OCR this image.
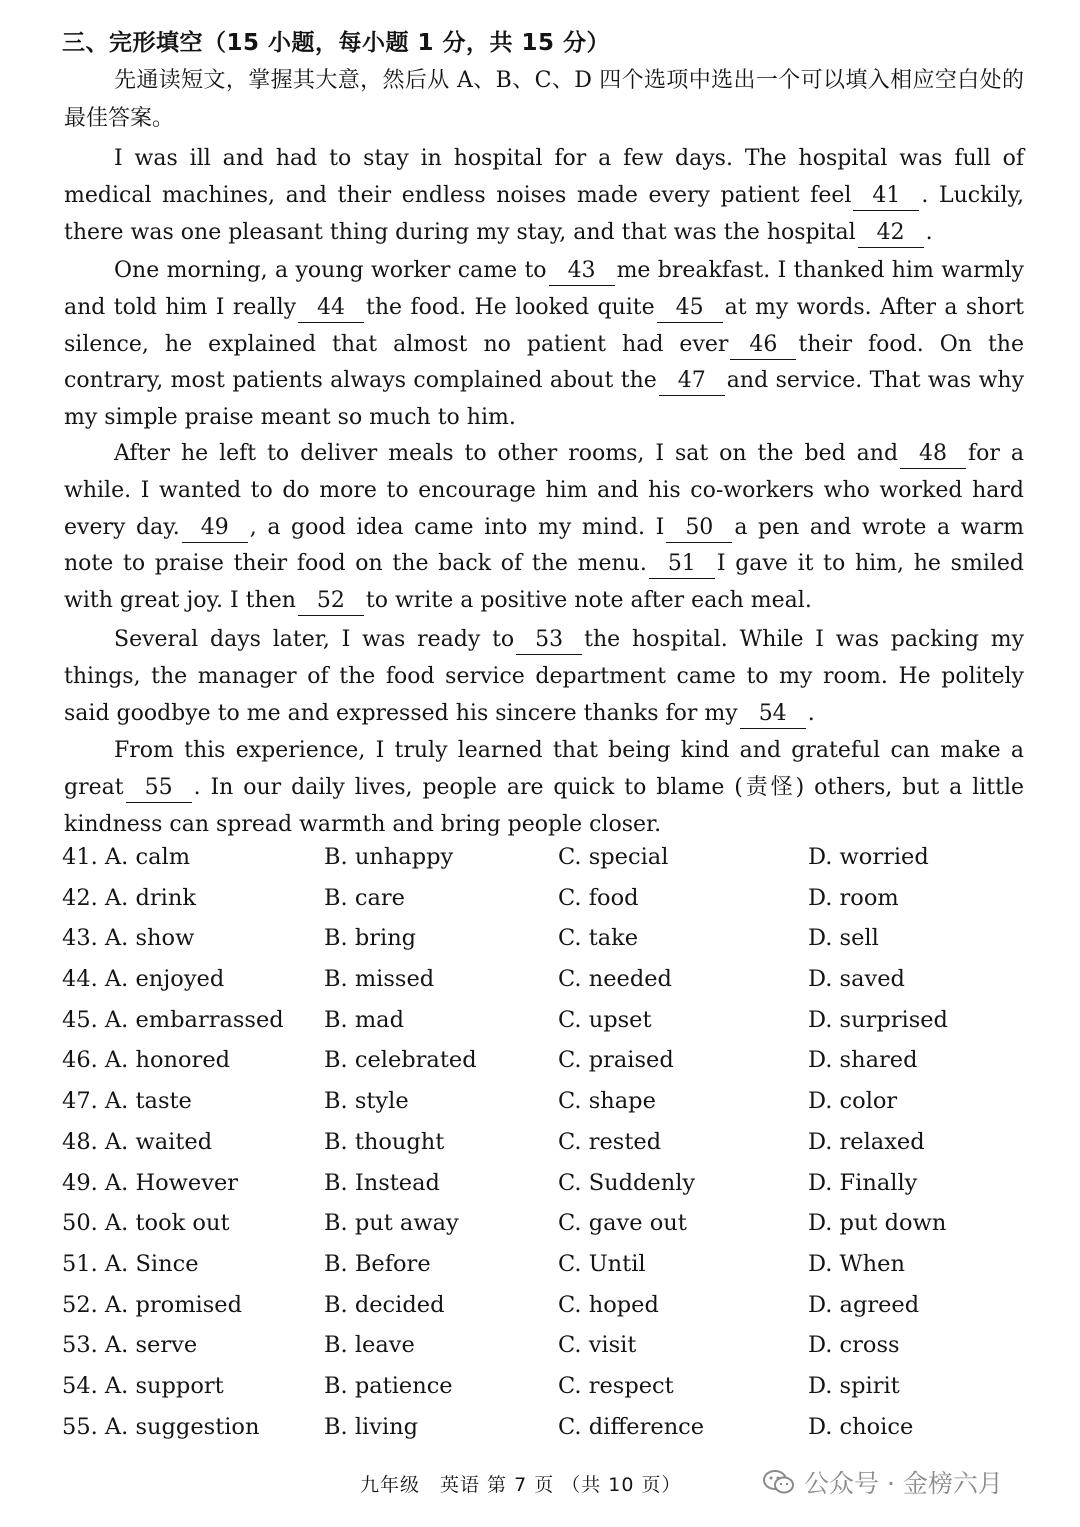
三、完形填空（15 小题，每小题 1 分，共 15 分）
先通读短文，掌握其大意，然后从 A、B、C、D 四个选项中选出一个可以填入相应空白处的最佳答案。
I was ill and had to stay in hospital for a few days. The hospital was full of medical machines, and their endless noises made every patient feel 41 . Luckily, there was one pleasant thing during my stay, and that was the hospital 42 .
One morning, a young worker came to 43 me breakfast. I thanked him warmly and told him I really 44 the food. He looked quite 45 at my words. After a short silence, he explained that almost no patient had ever 46 their food. On the contrary, most patients always complained about the 47 and service. That was why my simple praise meant so much to him.
After he left to deliver meals to other rooms, I sat on the bed and 48 for a while. I wanted to do more to encourage him and his co-workers who worked hard every day. 49 , a good idea came into my mind. I 50 a pen and wrote a warm note to praise their food on the back of the menu. 51 I gave it to him, he smiled with great joy. I then 52 to write a positive note after each meal.
Several days later, I was ready to 53 the hospital. While I was packing my things, the manager of the food service department came to my room. He politely said goodbye to me and expressed his sincere thanks for my 54 .
From this experience, I truly learned that being kind and grateful can make a great 55 . In our daily lives, people are quick to blame (责怪) others, but a little kindness can spread warmth and bring people closer.
41. A. calm	B. unhappy	C. special	D. worried
42. A. drink	B. care	C. food	D. room
43. A. show	B. bring	C. take	D. sell
44. A. enjoyed	B. missed	C. needed	D. saved
45. A. embarrassed B. mad	C. upset	D. surprised
46. A. honored	B. celebrated	C. praised	D. shared
47. A. taste	B. style	C. shape	D. color
48. A. waited	B. thought	C. rested	D. relaxed
49. A. However	B. Instead	C. Suddenly	D. Finally
50. A. took out	B. put away	C. gave out	D. put down
51. A. Since	B. Before	C. Until	D. When
52. A. promised	B. decided	C. hoped	D. agreed
53. A. serve	B. leave	C. visit	D. cross
54. A. support	B. patience	C. respect	D. spirit
55. A. suggestion	B. living	C. difference	D. choice
九年级　英语 第 7 页 （共 10 页）	公众号 · 金榜六月
